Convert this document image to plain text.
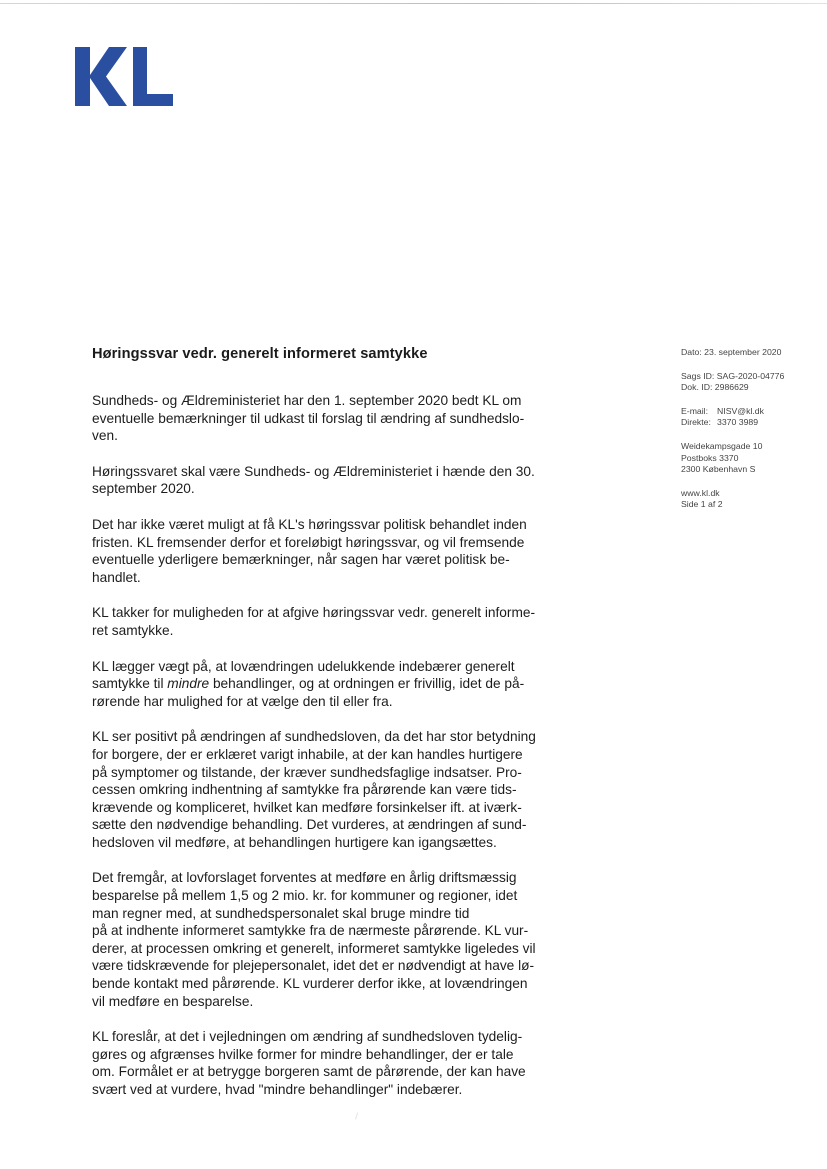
Høringssvar vedr. generelt informeret samtykke

Sundheds- og Ældreministeriet har den 1. september 2020 bedt KL om
eventuelle bemærkninger til udkast til forslag til ændring af sundhedslo-
ven.

Høringssvaret skal være Sundheds- og Ældreministeriet i hænde den 30.
september 2020.

Det har ikke været muligt at få KL's høringssvar politisk behandlet inden
fristen. KL fremsender derfor et foreløbigt høringssvar, og vil fremsende
eventuelle yderligere bemærkninger, når sagen har været politisk be-
handlet.

KL takker for muligheden for at afgive høringssvar vedr. generelt informe-
ret samtykke.

KL lægger vægt på, at lovændringen udelukkende indebærer generelt
samtykke til mindre behandlinger, og at ordningen er frivillig, idet de på-
rørende har mulighed for at vælge den til eller fra.

KL ser positivt på ændringen af sundhedsloven, da det har stor betydning
for borgere, der er erklæret varigt inhabile, at der kan handles hurtigere
på symptomer og tilstande, der kræver sundhedsfaglige indsatser. Pro-
cessen omkring indhentning af samtykke fra pårørende kan være tids-
krævende og kompliceret, hvilket kan medføre forsinkelser ift. at iværk-
sætte den nødvendige behandling. Det vurderes, at ændringen af sund-
hedsloven vil medføre, at behandlingen hurtigere kan igangsættes.

Det fremgår, at lovforslaget forventes at medføre en årlig driftsmæssig
besparelse på mellem 1,5 og 2 mio. kr. for kommuner og regioner, idet
man regner med, at sundhedspersonalet skal bruge mindre tid
på at indhente informeret samtykke fra de nærmeste pårørende. KL vur-
derer, at processen omkring et generelt, informeret samtykke ligeledes vil
være tidskrævende for plejepersonalet, idet det er nødvendigt at have lø-
bende kontakt med pårørende. KL vurderer derfor ikke, at lovændringen
vil medføre en besparelse.

KL foreslår, at det i vejledningen om ændring af sundhedsloven tydelig-
gøres og afgrænses hvilke former for mindre behandlinger, der er tale
om. Formålet er at betrygge borgeren samt de pårørende, der kan have
svært ved at vurdere, hvad "mindre behandlinger" indebærer.

Dato: 23. september 2020
Sags ID: SAG-2020-04776
Dok. ID: 2986629
E-mail: NISV@kl.dk
Direkte: 3370 3989
Weidekampsgade 10
Postboks 3370
2300 København S
www.kl.dk
Side 1 af 2
